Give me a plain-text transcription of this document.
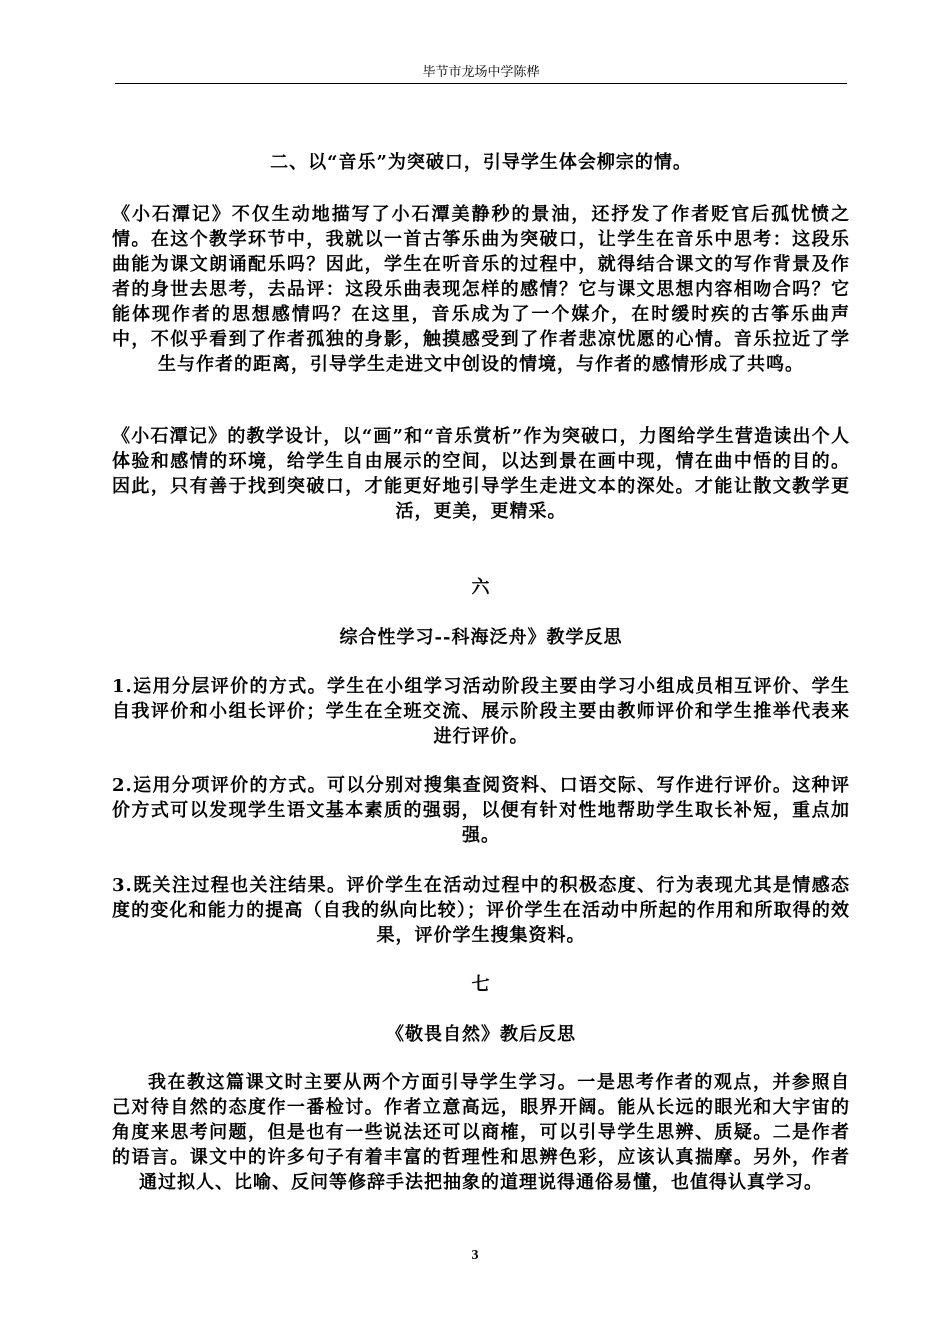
毕节市龙场中学陈桦

二、以“音乐”为突破口，引导学生体会柳宗的情。

《小石潭记》不仅生动地描写了小石潭美静秒的景油，还抒发了作者贬官后孤忧愤之情。在这个教学环节中，我就以一首古筝乐曲为突破口，让学生在音乐中思考：这段乐曲能为课文朗诵配乐吗？因此，学生在听音乐的过程中，就得结合课文的写作背景及作者的身世去思考，去品评：这段乐曲表现怎样的感情？它与课文思想内容相吻合吗？它能体现作者的思想感情吗？在这里，音乐成为了一个媒介，在时缓时疾的古筝乐曲声中，不似乎看到了作者孤独的身影，触摸感受到了作者悲凉忧愿的心情。音乐拉近了学生与作者的距离，引导学生走进文中创设的情境，与作者的感情形成了共鸣。

《小石潭记》的教学设计，以“画”和“音乐赏析”作为突破口，力图给学生营造读出个人体验和感情的环境，给学生自由展示的空间，以达到景在画中现，情在曲中悟的目的。因此，只有善于找到突破口，才能更好地引导学生走进文本的深处。才能让散文教学更活，更美，更精采。

六

综合性学习--科海泛舟》教学反思

1.运用分层评价的方式。学生在小组学习活动阶段主要由学习小组成员相互评价、学生自我评价和小组长评价；学生在全班交流、展示阶段主要由教师评价和学生推举代表来进行评价。

2.运用分项评价的方式。可以分别对搜集查阅资料、口语交际、写作进行评价。这种评价方式可以发现学生语文基本素质的强弱，以便有针对性地帮助学生取长补短，重点加强。

3.既关注过程也关注结果。评价学生在活动过程中的积极态度、行为表现尤其是情感态度的变化和能力的提高（自我的纵向比较）；评价学生在活动中所起的作用和所取得的效果，评价学生搜集资料。

七

《敬畏自然》教后反思

我在教这篇课文时主要从两个方面引导学生学习。一是思考作者的观点，并参照自己对待自然的态度作一番检讨。作者立意高远，眼界开阔。能从长远的眼光和大宇宙的角度来思考问题，但是也有一些说法还可以商榷，可以引导学生思辨、质疑。二是作者的语言。课文中的许多句子有着丰富的哲理性和思辨色彩，应该认真揣摩。另外，作者通过拟人、比喻、反问等修辞手法把抽象的道理说得通俗易懂，也值得认真学习。

3
